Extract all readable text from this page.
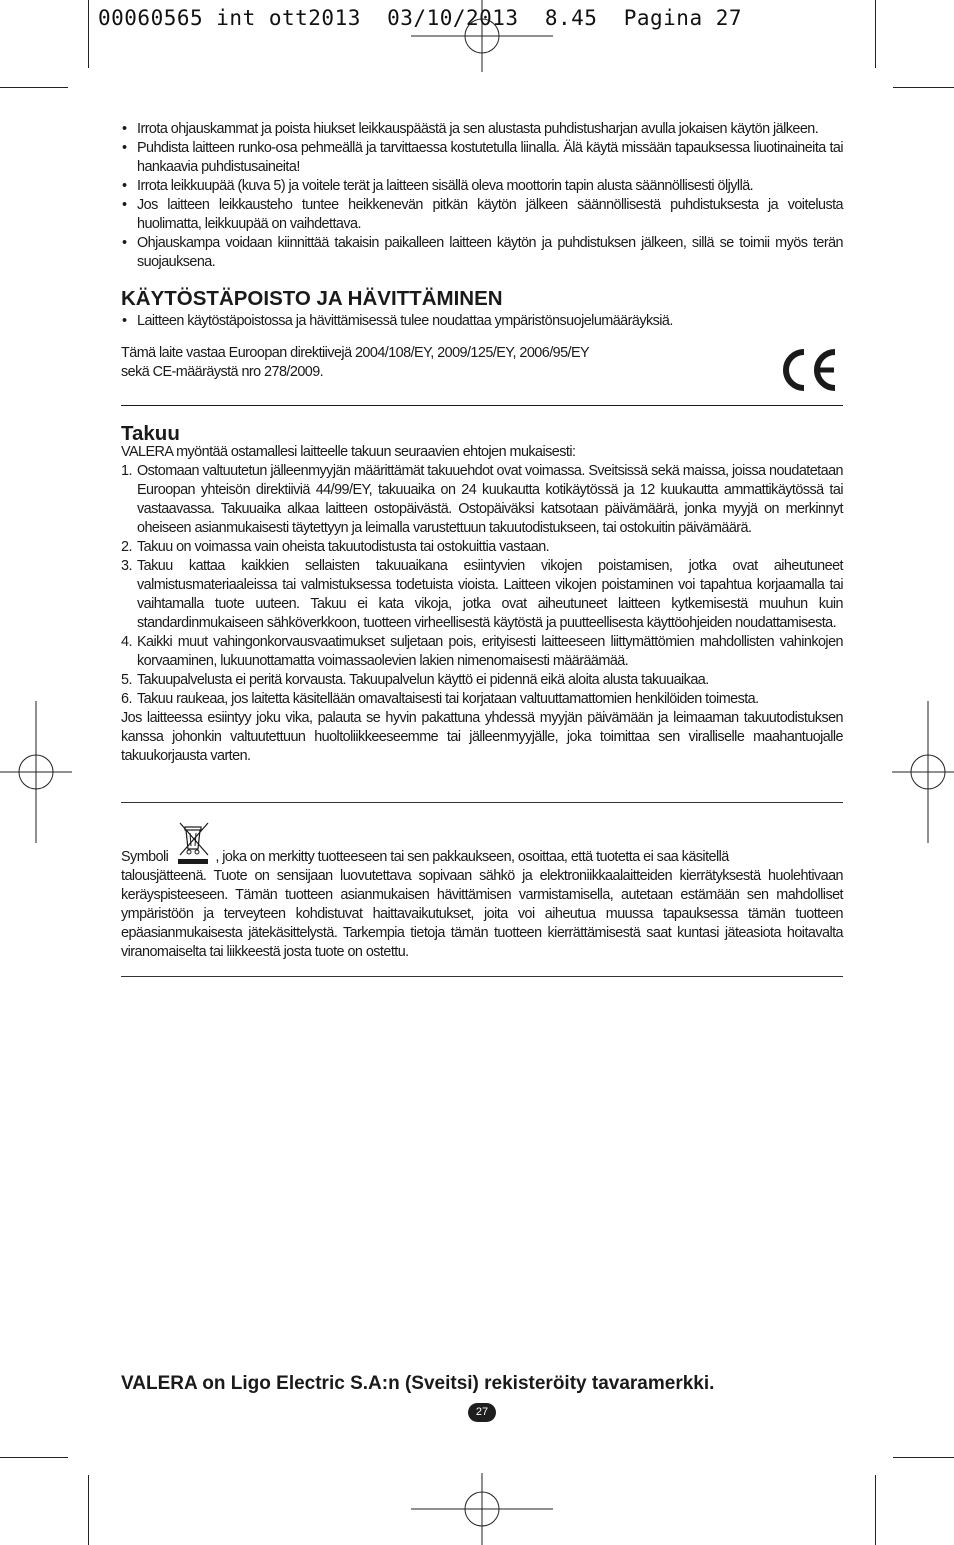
00060565 int ott2013  03/10/2013  8.45  Pagina 27
• Irrota ohjauskammat ja poista hiukset leikkauspäästä ja sen alustasta puhdistusharjan avulla jokaisen käytön jälkeen.
• Puhdista laitteen runko-osa pehmeällä ja tarvittaessa kostutetulla liinalla. Älä käytä missään tapauksessa liuotinaineita tai hankaavia puhdistusaineita!
• Irrota leikkuupää (kuva 5) ja voitele terät ja laitteen sisällä oleva moottorin tapin alusta säännöllisesti öljyllä.
• Jos laitteen leikkausteho tuntee heikkenevän pitkän käytön jälkeen säännöllisestä puhdistuksesta ja voitelusta huolimatta, leikkuupää on vaihdettava.
• Ohjauskampa voidaan kiinnittää takaisin paikalleen laitteen käytön ja puhdistuksen jälkeen, sillä se toimii myös terän suojauksena.
KÄYTÖSTÄPOISTO JA HÄVITTÄMINEN
• Laitteen käytöstäpoistossa ja hävittämisessä tulee noudattaa ympäristönsuojelumääräyksiä.
Tämä laite vastaa Euroopan direktiivejä 2004/108/EY, 2009/125/EY, 2006/95/EY
sekä CE-määräystä nro 278/2009.
Takuu

VALERA myöntää ostamallesi laitteelle takuun seuraavien ehtojen mukaisesti:

1. Ostomaan valtuutetun jälleenmyyjän määrittämät takuuehdot ovat voimassa. Sveitsissä sekä maissa, joissa noudatetaan Euroopan yhteisön direktiiviä 44/99/EY, takuuaika on 24 kuukautta kotikäytössä ja 12 kuukautta ammattikäytössä tai vastaavassa. Takuuaika alkaa laitteen ostopäivästä. Ostopäiväksi katsotaan päivämäärä, jonka myyjä on merkinnyt oheiseen asianmukaisesti täytettyyn ja leimalla varustettuun takuutodistukseen, tai ostokuitin päivämäärä.
2. Takuu on voimassa vain oheista takuutodistusta tai ostokuittia vastaan.
3. Takuu kattaa kaikkien sellaisten takuuaikana esiintyvien vikojen poistamisen, jotka ovat aiheutuneet valmistusmateriaaleissa tai valmistuksessa todetuista vioista. Laitteen vikojen poistaminen voi tapahtua korjaamalla tai vaihtamalla tuote uuteen. Takuu ei kata vikoja, jotka ovat aiheutuneet laitteen kytkemisestä muuhun kuin standardinmukaiseen sähköverkkoon, tuotteen virheellisestä käytöstä ja puutteellisesta käyttöohjeiden noudattamisesta.
4. Kaikki muut vahingonkorvausvaatimukset suljetaan pois, erityisesti laitteeseen liittymättömien mahdollisten vahinkojen korvaaminen, lukuunottamatta voimassaolevien lakien nimenomaisesti määräämää.
5. Takuupalvelusta ei peritä korvausta. Takuupalvelun käyttö ei pidennä eikä aloita alusta takuuaikaa.
6. Takuu raukeaa, jos laitetta käsitellään omavaltaisesti tai korjataan valtuuttamattomien henkilöiden toimesta.

Jos laitteessa esiintyy joku vika, palauta se hyvin pakattuna yhdessä myyjän päivämään ja leimaaman takuutodistuksen kanssa johonkin valtuutettuun huoltoliikkeeseemme tai jälleenmyyjälle, joka toimittaa sen viralliselle maahantuojalle takuukorjausta varten.

Symboli	, joka on merkitty tuotteeseen tai sen pakkaukseen, osoittaa, että tuotetta ei saa käsitellä

talousjätteenä. Tuote on sensijaan luovutettava sopivaan sähkö ja elektroniikkaalaitteiden kierrätyksestä huolehtivaan keräyspisteeseen. Tämän tuotteen asianmukaisen hävittämisen varmistamisella, autetaan estämään sen mahdolliset ympäristöön ja terveyteen kohdistuvat haittavaikutukset, joita voi aiheutua muussa tapauksessa tämän tuotteen epäasianmukaisesta jätekäsittelystä. Tarkempia tietoja tämän tuotteen kierrättämisestä saat kuntasi jäteasiota hoitavalta viranomaiselta tai liikkeestä josta tuote on ostettu.

VALERA on Ligo Electric S.A:n (Sveitsi) rekisteröity tavaramerkki.
27
